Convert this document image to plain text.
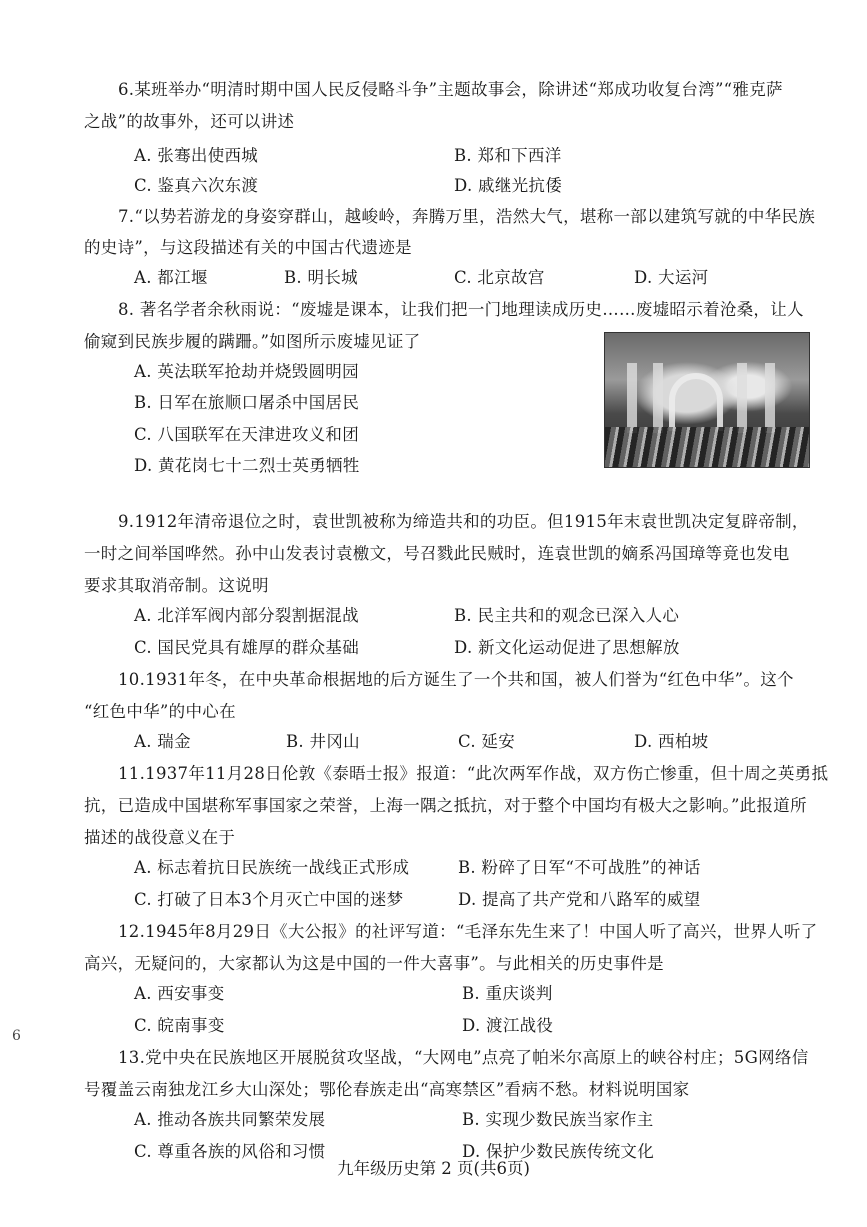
6.某班举办“明清时期中国人民反侵略斗争”主题故事会，除讲述“郑成功收复台湾”“雅克萨
之战”的故事外，还可以讲述
A. 张骞出使西城	B. 郑和下西洋
C. 鉴真六次东渡	D. 戚继光抗倭
7.“以势若游龙的身姿穿群山，越峻岭，奔腾万里，浩然大气，堪称一部以建筑写就的中华民族
的史诗”，与这段描述有关的中国古代遗迹是
A. 都江堰	B. 明长城	C. 北京故宫	D. 大运河
8. 著名学者余秋雨说：“废墟是课本，让我们把一门地理读成历史……废墟昭示着沧桑，让人
偷窥到民族步履的蹒跚。”如图所示废墟见证了
A. 英法联军抢劫并烧毁圆明园
B. 日军在旅顺口屠杀中国居民
C. 八国联军在天津进攻义和团
D. 黄花岗七十二烈士英勇牺牲
9.1912年清帝退位之时，袁世凯被称为缔造共和的功臣。但1915年末袁世凯决定复辟帝制，
一时之间举国哗然。孙中山发表讨袁檄文，号召戮此民贼时，连袁世凯的嫡系冯国璋等竟也发电
要求其取消帝制。这说明
A. 北洋军阀内部分裂割据混战	B. 民主共和的观念已深入人心
C. 国民党具有雄厚的群众基础	D. 新文化运动促进了思想解放
10.1931年冬，在中央革命根据地的后方诞生了一个共和国，被人们誉为“红色中华”。这个
“红色中华”的中心在
A. 瑞金	B. 井冈山	C. 延安	D. 西柏坡
11.1937年11月28日伦敦《泰晤士报》报道：“此次两军作战，双方伤亡惨重，但十周之英勇抵
抗，已造成中国堪称军事国家之荣誉，上海一隅之抵抗，对于整个中国均有极大之影响。”此报道所
描述的战役意义在于
A. 标志着抗日民族统一战线正式形成	B. 粉碎了日军“不可战胜”的神话
C. 打破了日本3个月灭亡中国的迷梦	D. 提高了共产党和八路军的威望
12.1945年8月29日《大公报》的社评写道：“毛泽东先生来了！中国人听了高兴，世界人听了
高兴，无疑问的，大家都认为这是中国的一件大喜事”。与此相关的历史事件是
A. 西安事变	B. 重庆谈判
C. 皖南事变	D. 渡江战役
13.党中央在民族地区开展脱贫攻坚战，“大网电”点亮了帕米尔高原上的峡谷村庄；5G网络信
号覆盖云南独龙江乡大山深处；鄂伦春族走出“高寒禁区”看病不愁。材料说明国家
A. 推动各族共同繁荣发展	B. 实现少数民族当家作主
C. 尊重各族的风俗和习惯	D. 保护少数民族传统文化
6
九年级历史第 2 页(共6页)
